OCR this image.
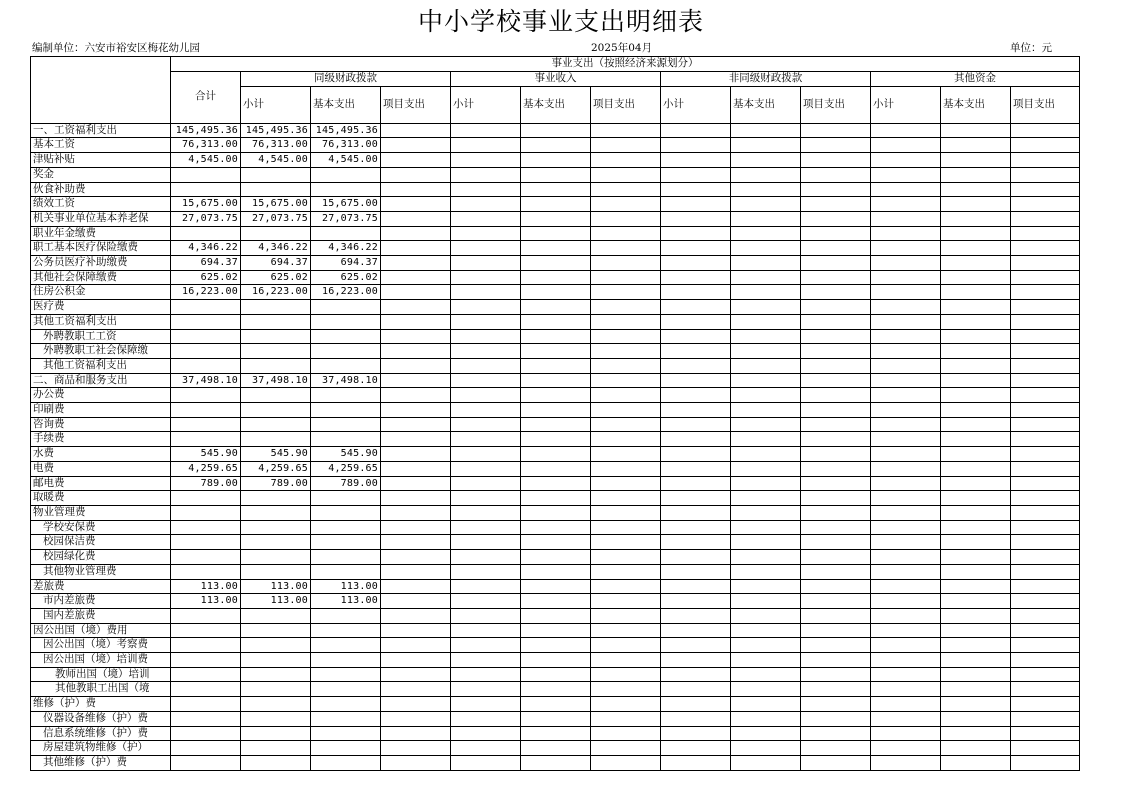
中小学校事业支出明细表
编制单位：六安市裕安区梅花幼儿园	2025年04月	单位：元
	事业支出（按照经济来源划分）												
	合计	同级财政拨款			事业收入			非同级财政拨款			其他资金		
		小计	基本支出	项目支出	小计	基本支出	项目支出	小计	基本支出	项目支出	小计	基本支出	项目支出
一、工资福利支出	145,495.36	145,495.36	145,495.36										
基本工资	76,313.00	76,313.00	76,313.00										
津贴补贴	4,545.00	4,545.00	4,545.00										
奖金													
伙食补助费													
绩效工资	15,675.00	15,675.00	15,675.00										
机关事业单位基本养老保	27,073.75	27,073.75	27,073.75										
职业年金缴费													
职工基本医疗保险缴费	4,346.22	4,346.22	4,346.22										
公务员医疗补助缴费	694.37	694.37	694.37										
其他社会保障缴费	625.02	625.02	625.02										
住房公积金	16,223.00	16,223.00	16,223.00										
医疗费													
其他工资福利支出													
外聘教职工工资													
外聘教职工社会保障缴													
其他工资福利支出													
二、商品和服务支出	37,498.10	37,498.10	37,498.10										
办公费													
印刷费													
咨询费													
手续费													
水费	545.90	545.90	545.90										
电费	4,259.65	4,259.65	4,259.65										
邮电费	789.00	789.00	789.00										
取暖费													
物业管理费													
学校安保费													
校园保洁费													
校园绿化费													
其他物业管理费													
差旅费	113.00	113.00	113.00										
市内差旅费	113.00	113.00	113.00										
国内差旅费													
因公出国（境）费用													
因公出国（境）考察费													
因公出国（境）培训费													
教师出国（境）培训													
其他教职工出国（境													
维修（护）费													
仪器设备维修（护）费													
信息系统维修（护）费													
房屋建筑物维修（护）													
其他维修（护）费													
